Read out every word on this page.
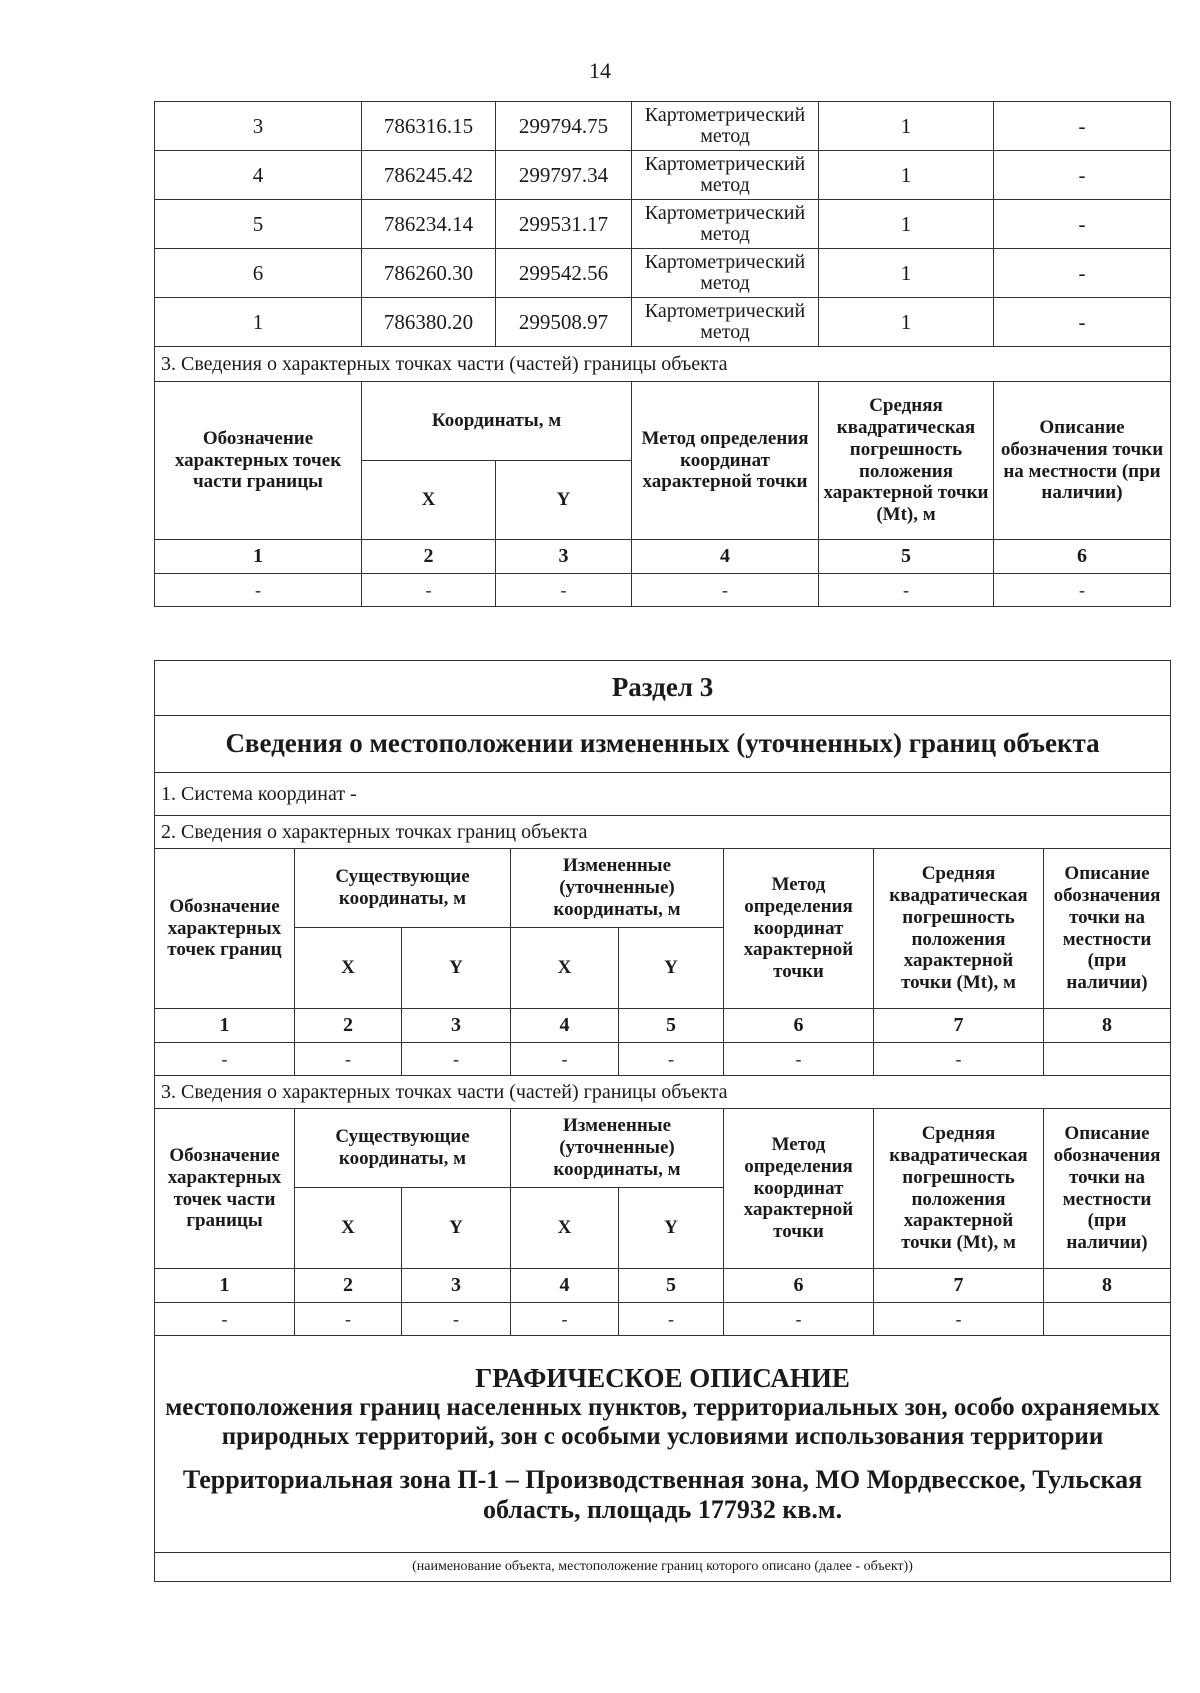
14
3	786316.15	299794.75	Картометрический метод	1	-
4	786245.42	299797.34	Картометрический метод	1	-
5	786234.14	299531.17	Картометрический метод	1	-
6	786260.30	299542.56	Картометрический метод	1	-
1	786380.20	299508.97	Картометрический метод	1	-
3. Сведения о характерных точках части (частей) границы объекта					
Обозначение характерных точек части границы	Координаты, м		Метод определения координат характерной точки	Средняя квадратическая погрешность положения характерной точки (Mt), м	Описание обозначения точки на местности (при наличии)
	X	Y			
1	2	3	4	5	6
-	-	-	-	-	-
Раздел 3							
Сведения о местоположении измененных (уточненных) границ объекта							
1. Система координат -							
2. Сведения о характерных точках границ объекта							
Обозначение характерных точек границ	Существующие координаты, м		Измененные (уточненные) координаты, м		Метод определения координат характерной точки	Средняя квадратическая погрешность положения характерной точки (Mt), м	Описание обозначения точки на местности (при наличии)
	X	Y	X	Y			
1	2	3	4	5	6	7	8
-	-	-	-	-	-	-	
3. Сведения о характерных точках части (частей) границы объекта							
Обозначение характерных точек части границы	Существующие координаты, м		Измененные (уточненные) координаты, м		Метод определения координат характерной точки	Средняя квадратическая погрешность положения характерной точки (Mt), м	Описание обозначения точки на местности (при наличии)
	X	Y	X	Y			
1	2	3	4	5	6	7	8
-	-	-	-	-	-	-	

ГРАФИЧЕСКОЕ ОПИСАНИЕ
местоположения границ населенных пунктов, территориальных зон, особо охраняемых природных территорий, зон с особыми условиями использования территории
Территориальная зона П-1 – Производственная зона, МО Мордвесское, Тульская область, площадь 177932 кв.м.							

(наименование объекта, местоположение границ которого описано (далее - объект))							
